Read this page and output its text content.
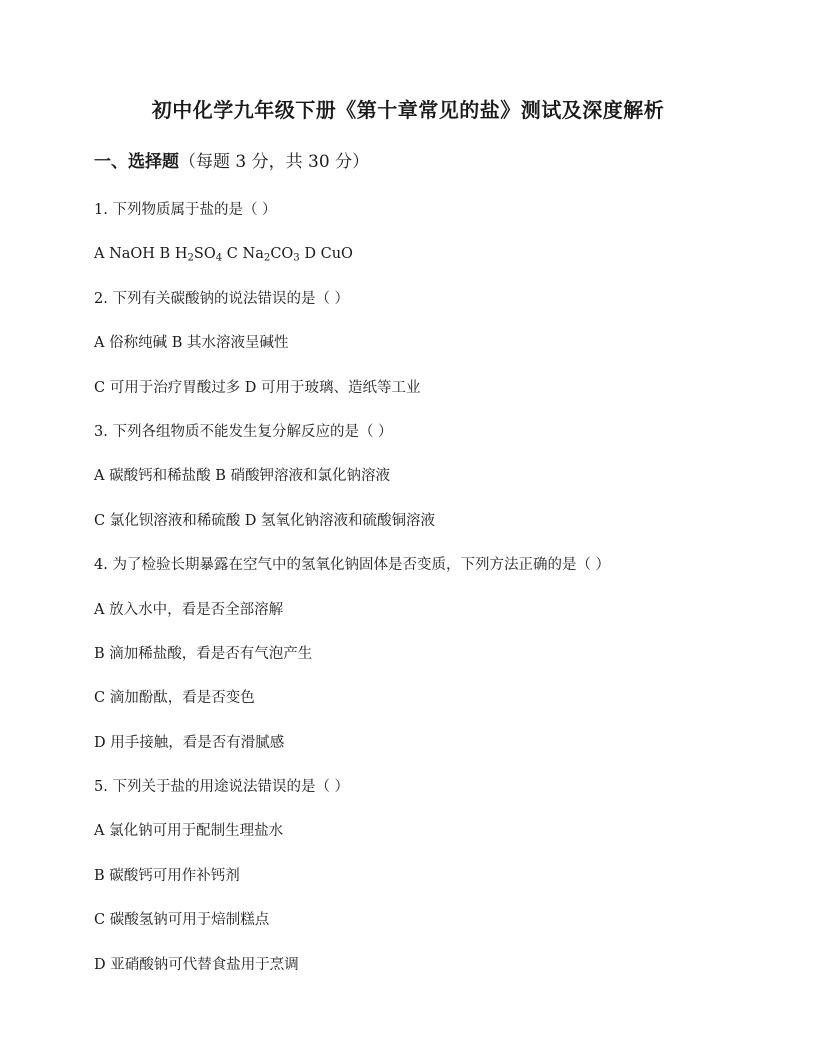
初中化学九年级下册《第十章常见的盐》测试及深度解析
一、选择题（每题 3 分，共 30 分）
1. 下列物质属于盐的是（ ）
A NaOH B $H_2SO_4$ C $Na_2CO_3$ D CuO
2. 下列有关碳酸钠的说法错误的是（ ）
A 俗称纯碱 B 其水溶液呈碱性
C 可用于治疗胃酸过多 D 可用于玻璃、造纸等工业
3. 下列各组物质不能发生复分解反应的是（ ）
A 碳酸钙和稀盐酸 B 硝酸钾溶液和氯化钠溶液
C 氯化钡溶液和稀硫酸 D 氢氧化钠溶液和硫酸铜溶液
4. 为了检验长期暴露在空气中的氢氧化钠固体是否变质，下列方法正确的是（ ）
A 放入水中，看是否全部溶解
B 滴加稀盐酸，看是否有气泡产生
C 滴加酚酞，看是否变色
D 用手接触，看是否有滑腻感
5. 下列关于盐的用途说法错误的是（ ）
A 氯化钠可用于配制生理盐水
B 碳酸钙可用作补钙剂
C 碳酸氢钠可用于焙制糕点
D 亚硝酸钠可代替食盐用于烹调
